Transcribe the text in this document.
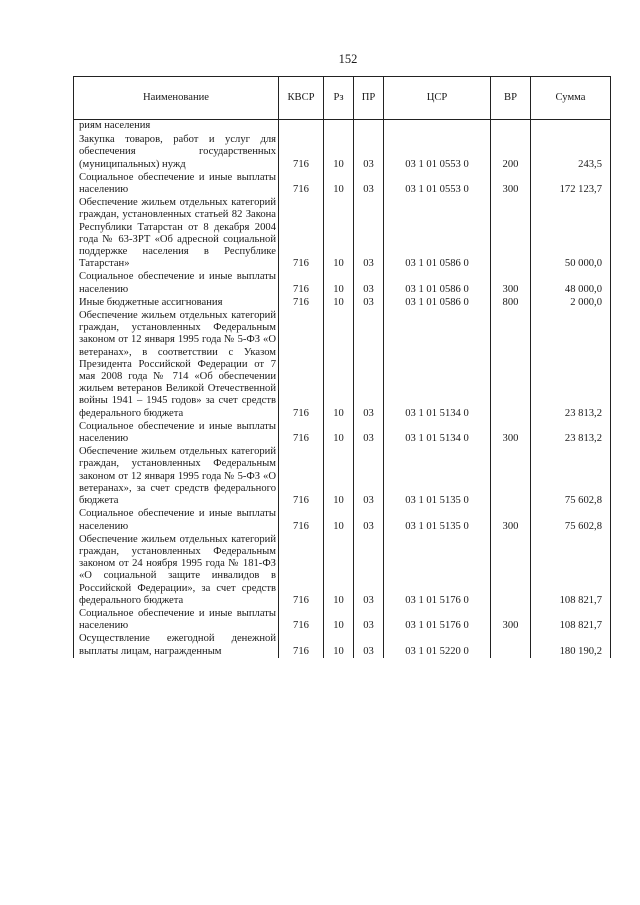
152
Наименование	КВСР	Рз	ПР	ЦСР	ВР	Сумма
риям населения						
Закупка товаров, работ и услуг для обеспечения государственных (муниципальных) нужд	716	10	03	03 1 01 0553 0	200	243,5
Социальное обеспечение и иные выплаты населению	716	10	03	03 1 01 0553 0	300	172 123,7
Обеспечение жильем отдельных категорий граждан, установленных статьей 82 Закона Республики Татарстан от 8 декабря 2004 года № 63-ЗРТ «Об адресной социальной поддержке населения в Республике Татарстан»	716	10	03	03 1 01 0586 0		50 000,0
Социальное обеспечение и иные выплаты населению	716	10	03	03 1 01 0586 0	300	48 000,0
Иные бюджетные ассигнования	716	10	03	03 1 01 0586 0	800	2 000,0
Обеспечение жильем отдельных категорий граждан, установленных Федеральным законом от 12 января 1995 года № 5-ФЗ «О ветеранах», в соответствии с Указом Президента Российской Федерации от 7 мая 2008 года № 714 «Об обеспечении жильем ветеранов Великой Отечественной войны 1941 – 1945 годов» за счет средств федерального бюджета	716	10	03	03 1 01 5134 0		23 813,2
Социальное обеспечение и иные выплаты населению	716	10	03	03 1 01 5134 0	300	23 813,2
Обеспечение жильем отдельных категорий граждан, установленных Федеральным законом от 12 января 1995 года № 5-ФЗ «О ветеранах», за счет средств федерального бюджета	716	10	03	03 1 01 5135 0		75 602,8
Социальное обеспечение и иные выплаты населению	716	10	03	03 1 01 5135 0	300	75 602,8
Обеспечение жильем отдельных категорий граждан, установленных Федеральным законом от 24 ноября 1995 года № 181-ФЗ «О социальной защите инвалидов в Российской Федерации», за счет средств федерального бюджета	716	10	03	03 1 01 5176 0		108 821,7
Социальное обеспечение и иные выплаты населению	716	10	03	03 1 01 5176 0	300	108 821,7
Осуществление ежегодной денежной выплаты лицам, награжденным	716	10	03	03 1 01 5220 0		180 190,2
